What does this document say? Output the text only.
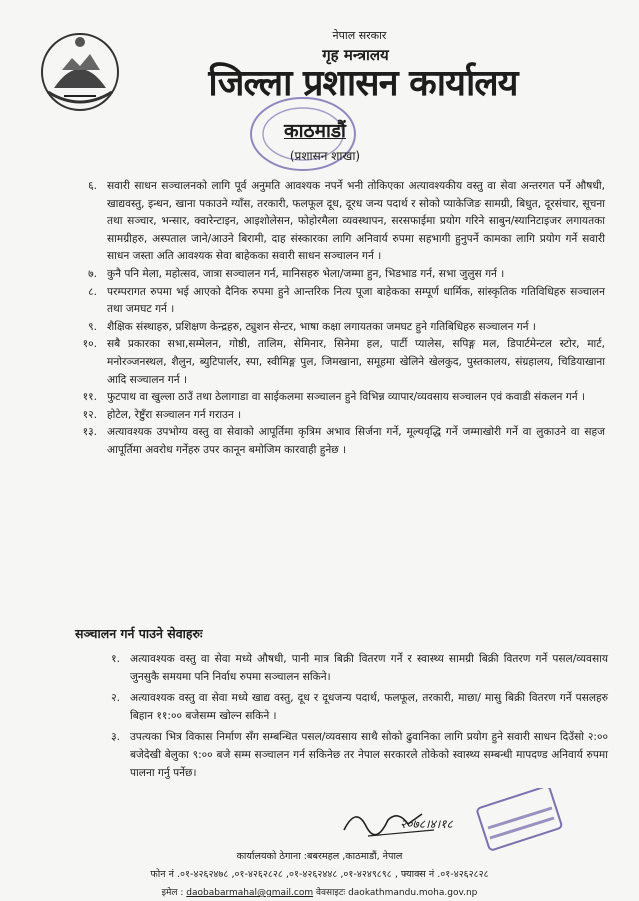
नेपाल सरकार
गृह मन्त्रालय
जिल्ला प्रशासन कार्यालय
काठमाडौं
(प्रशासन शाखा)
६. सवारी साधन सञ्चालनको लागि पूर्व अनुमति आवश्यक नपर्ने भनी तोकिएका अत्यावश्यकीय वस्तु वा सेवा अन्तरगत पर्ने औषधी, खाद्यवस्तु, इन्धन, खाना पकाउने ग्याँस, तरकारी, फलफूल दूध, दूरध जन्य पदार्थ र सोको प्याकेजिङ सामग्री, बिधुत, दूरसंचार, सूचना तथा सञ्चार, भन्सार, क्वारेन्टाइन, आइशोलेसन, फोहोरमैला व्यवस्थापन, सरसफाईमा प्रयोग गरिने साबुन/स्यानिटाइजर लगायतका सामग्रीहरु, अस्पताल जाने/आउने बिरामी, दाह संस्कारका लागि अनिवार्य रुपमा सहभागी हुनुपर्ने कामका लागि प्रयोग गर्ने सवारी साधन जस्ता अति आवश्यक सेवा बाहेकका सवारी साधन सञ्चालन गर्न ।
७. कुनै पनि मेला, महोत्सव, जात्रा सञ्चालन गर्न, मानिसहरु भेला/जम्मा हुन, भिडभाड गर्न, सभा जुलुस गर्न ।
८. परम्परागत रुपमा भई आएको दैनिक रुपमा हुने आन्तरिक नित्य पूजा बाहेकका सम्पूर्ण धार्मिक, सांस्कृतिक गतिविधिहरु सञ्चालन तथा जमघट गर्न ।
९. शैक्षिक संस्थाहरु, प्रशिक्षण केन्द्रहरु, ट्युशन सेन्टर, भाषा कक्षा लगायतका जमघट हुने गतिबिधिहरु सञ्चालन गर्न ।
१०. सबै प्रकारका सभा,सम्मेलन, गोष्ठी, तालिम, सेमिनार, सिनेमा हल, पार्टी प्यालेस, सपिङ्ग मल, डिपार्टमेन्टल स्टोर, मार्ट, मनोरञ्जनस्थल, शैलुन, ब्युटिपार्लर, स्पा, स्वीमिङ्ग पुल, जिमखाना, समूहमा खेलिने खेलकुद, पुस्तकालय, संग्रहालय, चिडियाखाना आदि सञ्चालन गर्न ।
११. फुटपाथ वा खुल्ला ठाउँ तथा ठेलागाडा वा साईकलमा सञ्चालन हुने विभिन्न व्यापार/व्यवसाय सञ्चालन एवं कवाडी संकलन गर्न ।
१२. होटेल, रेष्टुँरा सञ्चालन गर्न गराउन ।
१३. अत्यावश्यक उपभोग्य वस्तु वा सेवाको आपूर्तिमा कृत्रिम अभाव सिर्जना गर्ने, मूल्यवृद्धि गर्ने जम्माखोरी गर्ने वा लुकाउने वा सहज आपूर्तिमा अवरोध गर्नेहरु उपर कानून बमोजिम कारवाही हुनेछ ।
सञ्चालन गर्न पाउने सेवाहरुः
१. अत्यावश्यक वस्तु वा सेवा मध्ये औषधी, पानी मात्र बिक्री वितरण गर्ने र स्वास्थ्य सामग्री बिक्री वितरण गर्ने पसल/व्यवसाय जुनसुकै समयमा पनि निर्वाध रुपमा सञ्चालन सकिने।
२. अत्यावश्यक वस्तु वा सेवा मध्ये खाद्य वस्तु, दूध र दूधजन्य पदार्थ, फलफूल, तरकारी, माछा/ मासु बिक्री वितरण गर्ने पसलहरु बिहान ११:०० बजेसम्म खोल्न सकिने ।
३. उपत्यका भित्र विकास निर्माण सँग सम्बन्धित पसल/व्यवसाय साथै सोको ढुवानिका लागि प्रयोग हुने सवारी साधन दिउँसो २:०० बजेदेखी बेलुका ९:०० बजे सम्म सञ्चालन गर्न सकिनेछ तर नेपाल सरकारले तोकेको स्वास्थ्य सम्बन्धी मापदण्ड अनिवार्य रुपमा पालना गर्नु पर्नेछ।
२०७८।४।१८
कार्यालयको ठेगाना :बबरमहल ,काठमाडौं, नेपाल
फोन नं .०१-४२६२४७८ ,०१-४२६२८२८ ,०१-४२६२४४८ ,०१-४२४९८९८ , फ्याक्स नं .०१-४२६२८२८
इमेल : daobabarmahal@gmail.com वेवसाइटः daokathmandu.moha.gov.np
